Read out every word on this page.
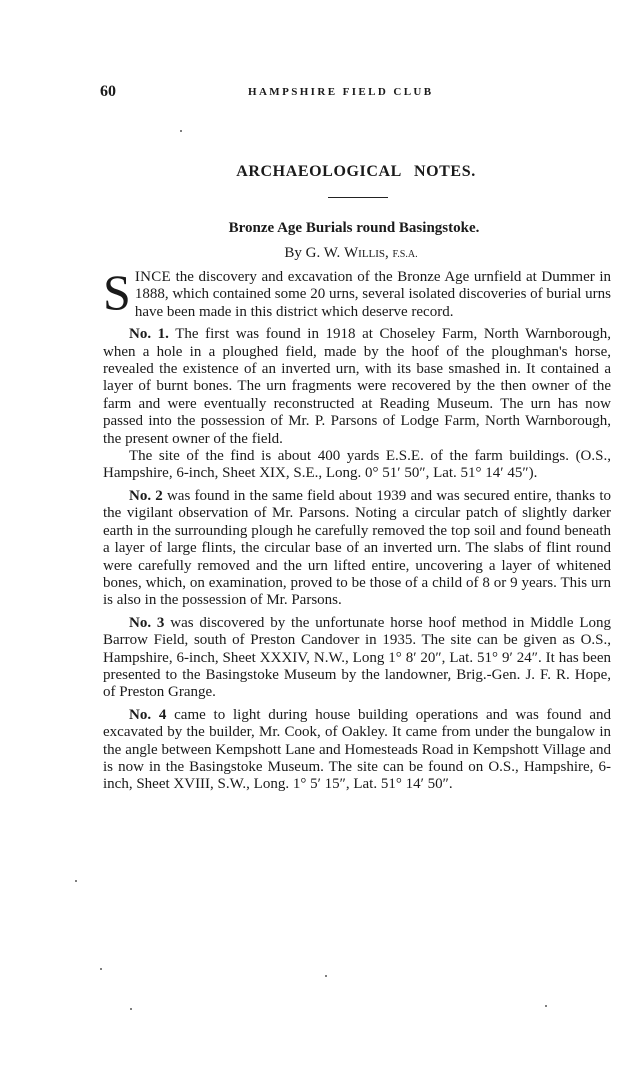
60	HAMPSHIRE FIELD CLUB
ARCHAEOLOGICAL NOTES.
Bronze Age Burials round Basingstoke.
By G. W. Willis, F.S.A.

SINCE the discovery and excavation of the Bronze Age urnfield at Dummer in 1888, which contained some 20 urns, several isolated discoveries of burial urns have been made in this district which deserve record.

No. 1. The first was found in 1918 at Choseley Farm, North Warnborough, when a hole in a ploughed field, made by the hoof of the ploughman's horse, revealed the existence of an inverted urn, with its base smashed in. It contained a layer of burnt bones. The urn fragments were recovered by the then owner of the farm and were eventually reconstructed at Reading Museum. The urn has now passed into the possession of Mr. P. Parsons of Lodge Farm, North Warnborough, the present owner of the field.

The site of the find is about 400 yards E.S.E. of the farm buildings. (O.S., Hampshire, 6-inch, Sheet XIX, S.E., Long. 0° 51′ 50″, Lat. 51° 14′ 45″).

No. 2 was found in the same field about 1939 and was secured entire, thanks to the vigilant observation of Mr. Parsons. Noting a circular patch of slightly darker earth in the surrounding plough he carefully removed the top soil and found beneath a layer of large flints, the circular base of an inverted urn. The slabs of flint round were carefully removed and the urn lifted entire, uncovering a layer of whitened bones, which, on examination, proved to be those of a child of 8 or 9 years. This urn is also in the possession of Mr. Parsons.

No. 3 was discovered by the unfortunate horse hoof method in Middle Long Barrow Field, south of Preston Candover in 1935. The site can be given as O.S., Hampshire, 6-inch, Sheet XXXIV, N.W., Long 1° 8′ 20″, Lat. 51° 9′ 24″. It has been presented to the Basingstoke Museum by the landowner, Brig.-Gen. J. F. R. Hope, of Preston Grange.

No. 4 came to light during house building operations and was found and excavated by the builder, Mr. Cook, of Oakley. It came from under the bungalow in the angle between Kempshott Lane and Homesteads Road in Kempshott Village and is now in the Basingstoke Museum. The site can be found on O.S., Hampshire, 6-inch, Sheet XVIII, S.W., Long. 1° 5′ 15″, Lat. 51° 14′ 50″.
